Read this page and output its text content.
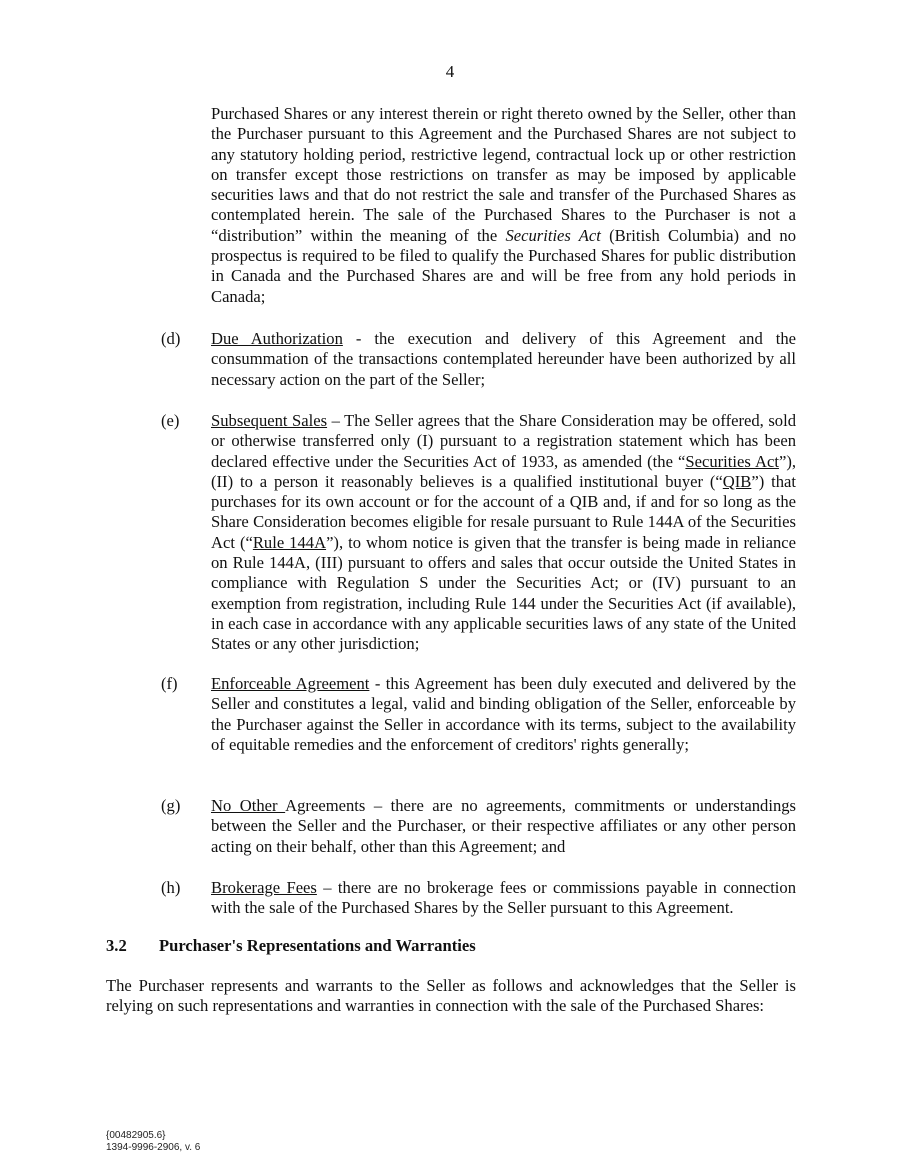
4

Purchased Shares or any interest therein or right thereto owned by the Seller, other than the Purchaser pursuant to this Agreement and the Purchased Shares are not subject to any statutory holding period, restrictive legend, contractual lock up or other restriction on transfer except those restrictions on transfer as may be imposed by applicable securities laws and that do not restrict the sale and transfer of the Purchased Shares as contemplated herein. The sale of the Purchased Shares to the Purchaser is not a “distribution” within the meaning of the Securities Act (British Columbia) and no prospectus is required to be filed to qualify the Purchased Shares for public distribution in Canada and the Purchased Shares are and will be free from any hold periods in Canada;

(d) Due Authorization - the execution and delivery of this Agreement and the consummation of the transactions contemplated hereunder have been authorized by all necessary action on the part of the Seller;

(e) Subsequent Sales – The Seller agrees that the Share Consideration may be offered, sold or otherwise transferred only (I) pursuant to a registration statement which has been declared effective under the Securities Act of 1933, as amended (the “Securities Act”), (II) to a person it reasonably believes is a qualified institutional buyer (“QIB”) that purchases for its own account or for the account of a QIB and, if and for so long as the Share Consideration becomes eligible for resale pursuant to Rule 144A of the Securities Act (“Rule 144A”), to whom notice is given that the transfer is being made in reliance on Rule 144A, (III) pursuant to offers and sales that occur outside the United States in compliance with Regulation S under the Securities Act; or (IV) pursuant to an exemption from registration, including Rule 144 under the Securities Act (if available), in each case in accordance with any applicable securities laws of any state of the United States or any other jurisdiction;

(f) Enforceable Agreement - this Agreement has been duly executed and delivered by the Seller and constitutes a legal, valid and binding obligation of the Seller, enforceable by the Purchaser against the Seller in accordance with its terms, subject to the availability of equitable remedies and the enforcement of creditors' rights generally;

(g) No Other Agreements – there are no agreements, commitments or understandings between the Seller and the Purchaser, or their respective affiliates or any other person acting on their behalf, other than this Agreement; and

(h) Brokerage Fees – there are no brokerage fees or commissions payable in connection with the sale of the Purchased Shares by the Seller pursuant to this Agreement.

3.2 Purchaser's Representations and Warranties

The Purchaser represents and warrants to the Seller as follows and acknowledges that the Seller is relying on such representations and warranties in connection with the sale of the Purchased Shares:

{00482905.6}
1394-9996-2906, v. 6
